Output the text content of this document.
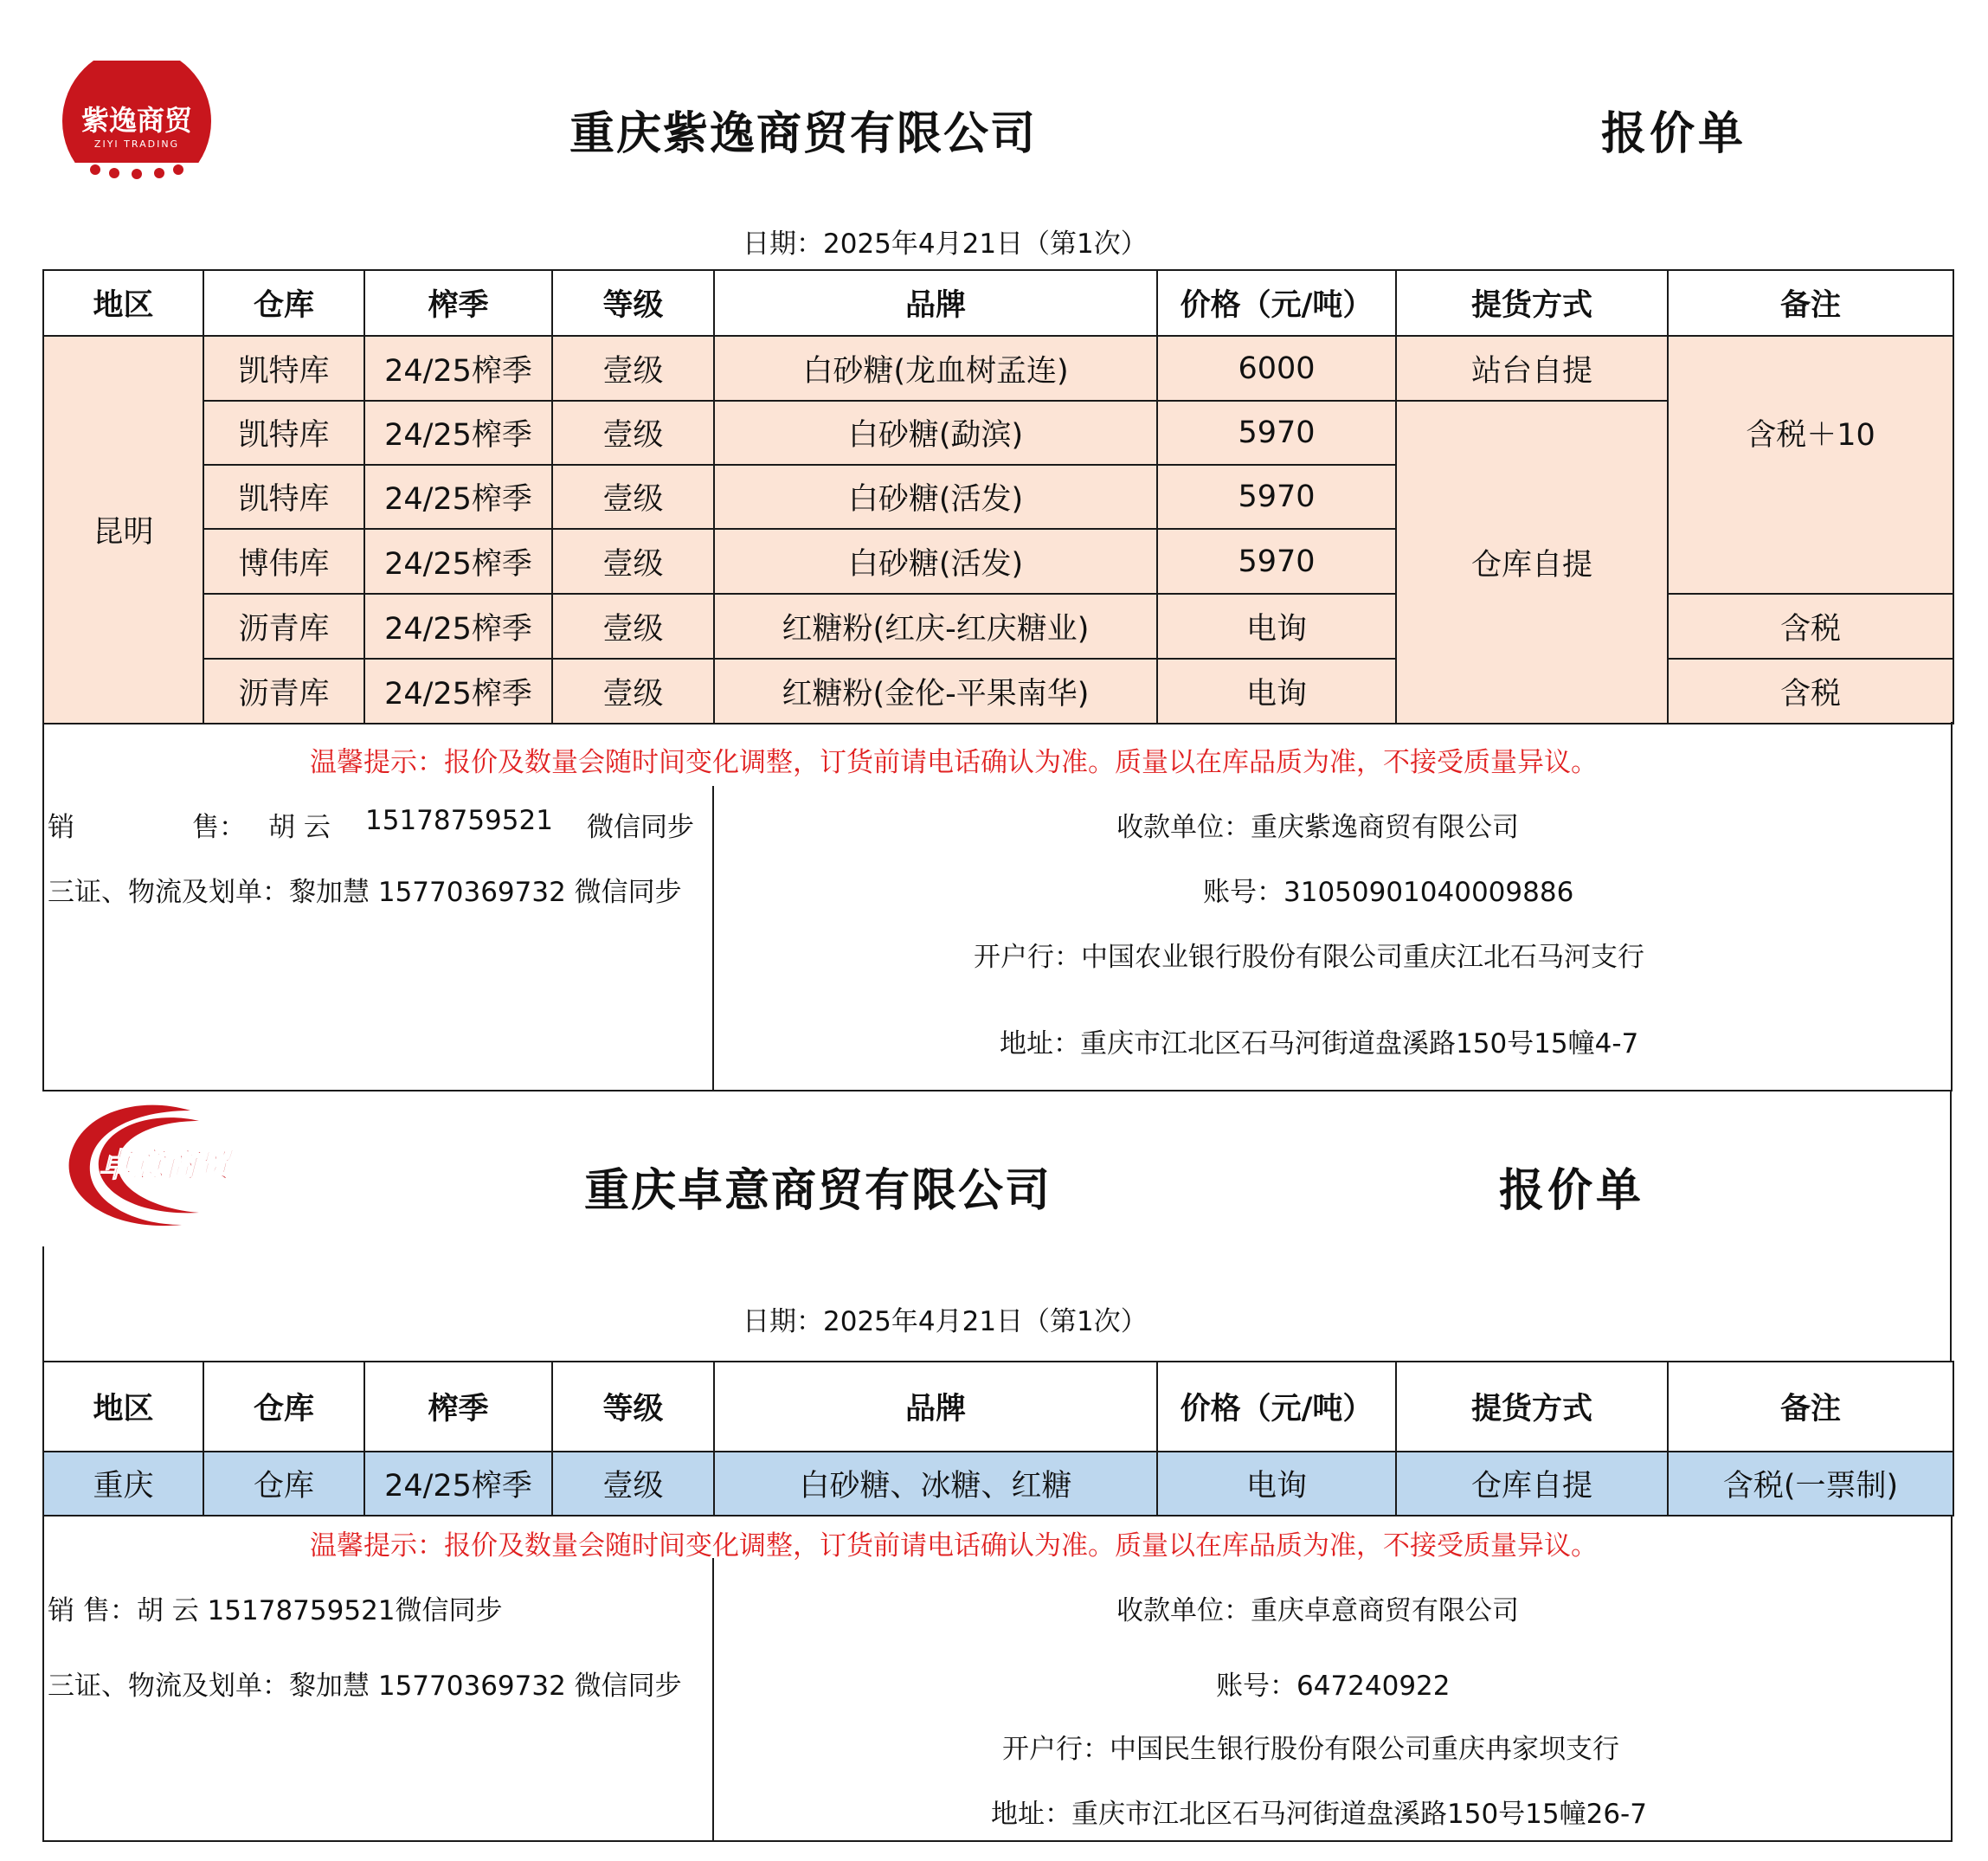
紫逸商贸
ZIYI TRADING	重庆紫逸商贸有限公司	报价单
日期：2025年4月21日（第1次）
地区	仓库	榨季	等级	品牌	价格（元/吨）	提货方式	备注
昆明	凯特库	24/25榨季	壹级	白砂糖(龙血树孟连)	6000	站台自提	含税＋10
	凯特库	24/25榨季	壹级	白砂糖(勐滨)	5970	仓库自提	
	凯特库	24/25榨季	壹级	白砂糖(活发)	5970		
	博伟库	24/25榨季	壹级	白砂糖(活发)	5970		
	沥青库	24/25榨季	壹级	红糖粉(红庆-红庆糖业)	电询		含税
	沥青库	24/25榨季	壹级	红糖粉(金伦-平果南华)	电询		含税
温馨提示：报价及数量会随时间变化调整，订货前请电话确认为准。质量以在库品质为准，不接受质量异议。
销	售： 胡 云 15178759521 微信同步
三证、物流及划单：黎加慧 15770369732 微信同步
收款单位：重庆紫逸商贸有限公司
账号：31050901040009886
开户行：中国农业银行股份有限公司重庆江北石马河支行
地址：重庆市江北区石马河街道盘溪路150号15幢4-7
卓意商贸	重庆卓意商贸有限公司	报价单
日期：2025年4月21日（第1次）
地区	仓库	榨季	等级	品牌	价格（元/吨）	提货方式	备注
重庆	仓库	24/25榨季	壹级	白砂糖、冰糖、红糖	电询	仓库自提	含税(一票制)
温馨提示：报价及数量会随时间变化调整，订货前请电话确认为准。质量以在库品质为准，不接受质量异议。
销 售：胡 云 15178759521微信同步
三证、物流及划单：黎加慧 15770369732 微信同步
收款单位：重庆卓意商贸有限公司
账号：647240922
开户行：中国民生银行股份有限公司重庆冉家坝支行
地址：重庆市江北区石马河街道盘溪路150号15幢26-7
